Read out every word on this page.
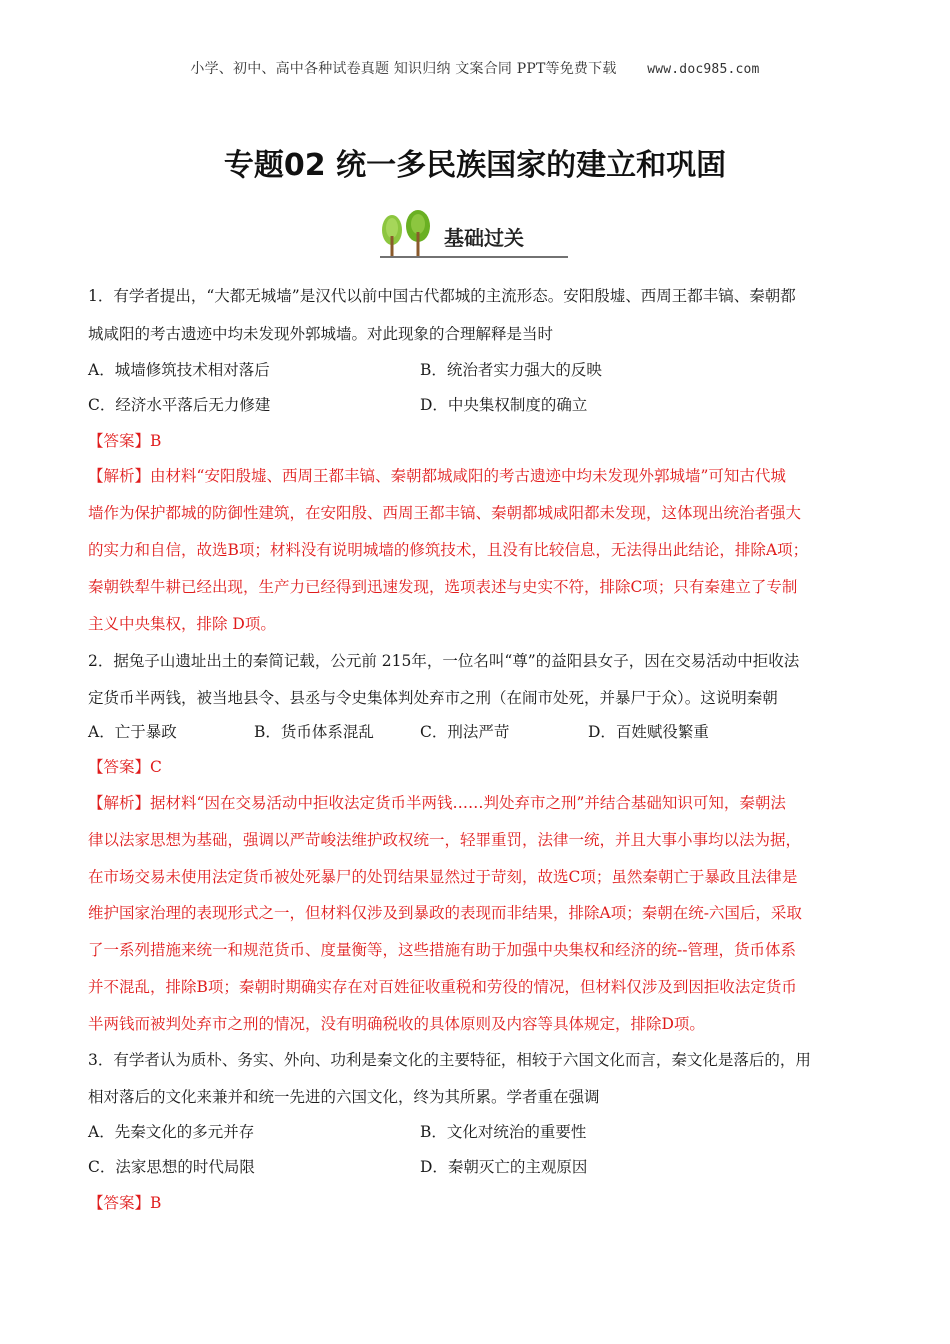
小学、初中、高中各种试卷真题 知识归纳 文案合同 PPT等免费下载 www.doc985.com
专题02 统一多民族国家的建立和巩固
基础过关
1．有学者提出，“大都无城墙”是汉代以前中国古代都城的主流形态。安阳殷墟、西周王都丰镐、秦朝都
城咸阳的考古遗迹中均未发现外郭城墙。对此现象的合理解释是当时
A．城墙修筑技术相对落后	B．统治者实力强大的反映
C．经济水平落后无力修建	D．中央集权制度的确立
【答案】B
【解析】由材料“安阳殷墟、西周王都丰镐、秦朝都城咸阳的考古遗迹中均未发现外郭城墙”可知古代城
墙作为保护都城的防御性建筑，在安阳殷、西周王都丰镐、秦朝都城咸阳都未发现，这体现出统治者强大
的实力和自信，故选B项；材料没有说明城墙的修筑技术，且没有比较信息，无法得出此结论，排除A项；
秦朝铁犁牛耕已经出现，生产力已经得到迅速发现，选项表述与史实不符，排除C项；只有秦建立了专制
主义中央集权，排除 D项。
2．据兔子山遗址出土的秦简记载，公元前 215年，一位名叫“尊”的益阳县女子，因在交易活动中拒收法
定货币半两钱，被当地县令、县丞与令史集体判处弃市之刑（在闹市处死，并暴尸于众）。这说明秦朝
A．亡于暴政	B．货币体系混乱	C．刑法严苛	D．百姓赋役繁重
【答案】C
【解析】据材料“因在交易活动中拒收法定货币半两钱……判处弃市之刑”并结合基础知识可知，秦朝法
律以法家思想为基础，强调以严苛峻法维护政权统一，轻罪重罚，法律一统，并且大事小事均以法为据，
在市场交易未使用法定货币被处死暴尸的处罚结果显然过于苛刻，故选C项；虽然秦朝亡于暴政且法律是
维护国家治理的表现形式之一，但材料仅涉及到暴政的表现而非结果，排除A项；秦朝在统-六国后，采取
了一系列措施来统一和规范货币、度量衡等，这些措施有助于加强中央集权和经济的统--管理，货币体系
并不混乱，排除B项；秦朝时期确实存在对百姓征收重税和劳役的情况，但材料仅涉及到因拒收法定货币
半两钱而被判处弃市之刑的情况，没有明确税收的具体原则及内容等具体规定，排除D项。
3．有学者认为质朴、务实、外向、功利是秦文化的主要特征，相较于六国文化而言，秦文化是落后的，用
相对落后的文化来兼并和统一先进的六国文化，终为其所累。学者重在强调
A．先秦文化的多元并存	B．文化对统治的重要性
C．法家思想的时代局限	D．秦朝灭亡的主观原因
【答案】B
